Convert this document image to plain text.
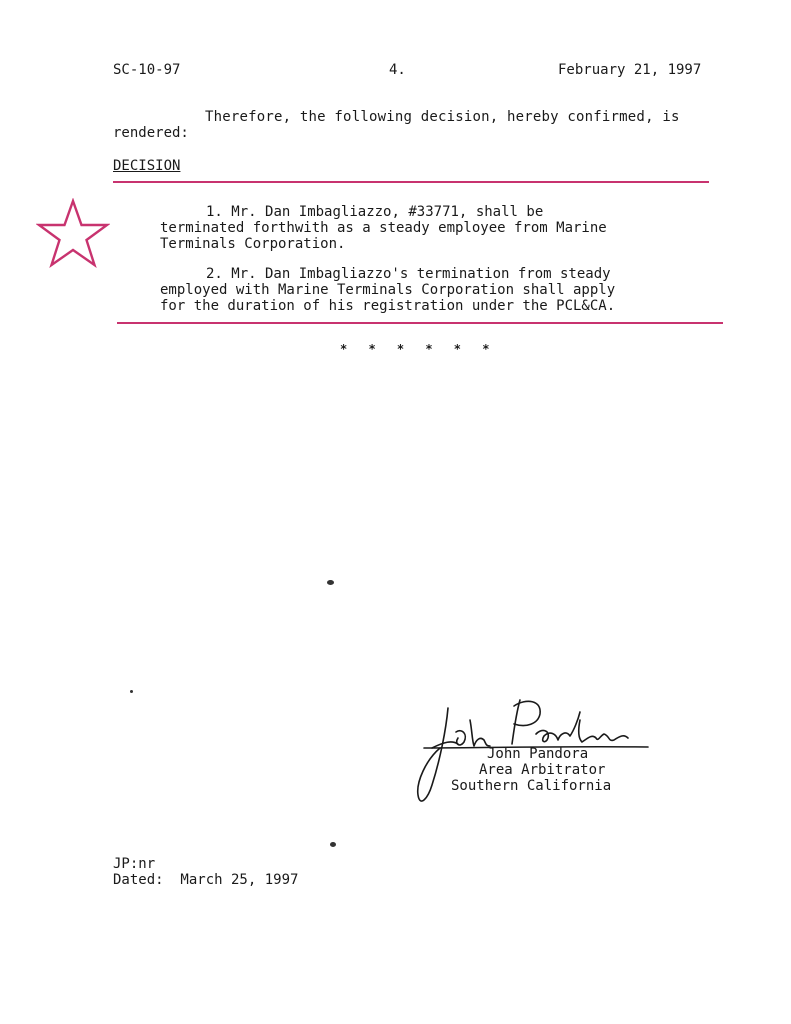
SC-10-97	4.	February 21, 1997
Therefore, the following decision, hereby confirmed, is
rendered:
DECISION
1. Mr. Dan Imbagliazzo, #33771, shall be
terminated forthwith as a steady employee from Marine
Terminals Corporation.
2. Mr. Dan Imbagliazzo's termination from steady
employed with Marine Terminals Corporation shall apply
for the duration of his registration under the PCL&CA.
* * * * * *
John Pandora
Area Arbitrator
Southern California
JP:nr
Dated:  March 25, 1997
